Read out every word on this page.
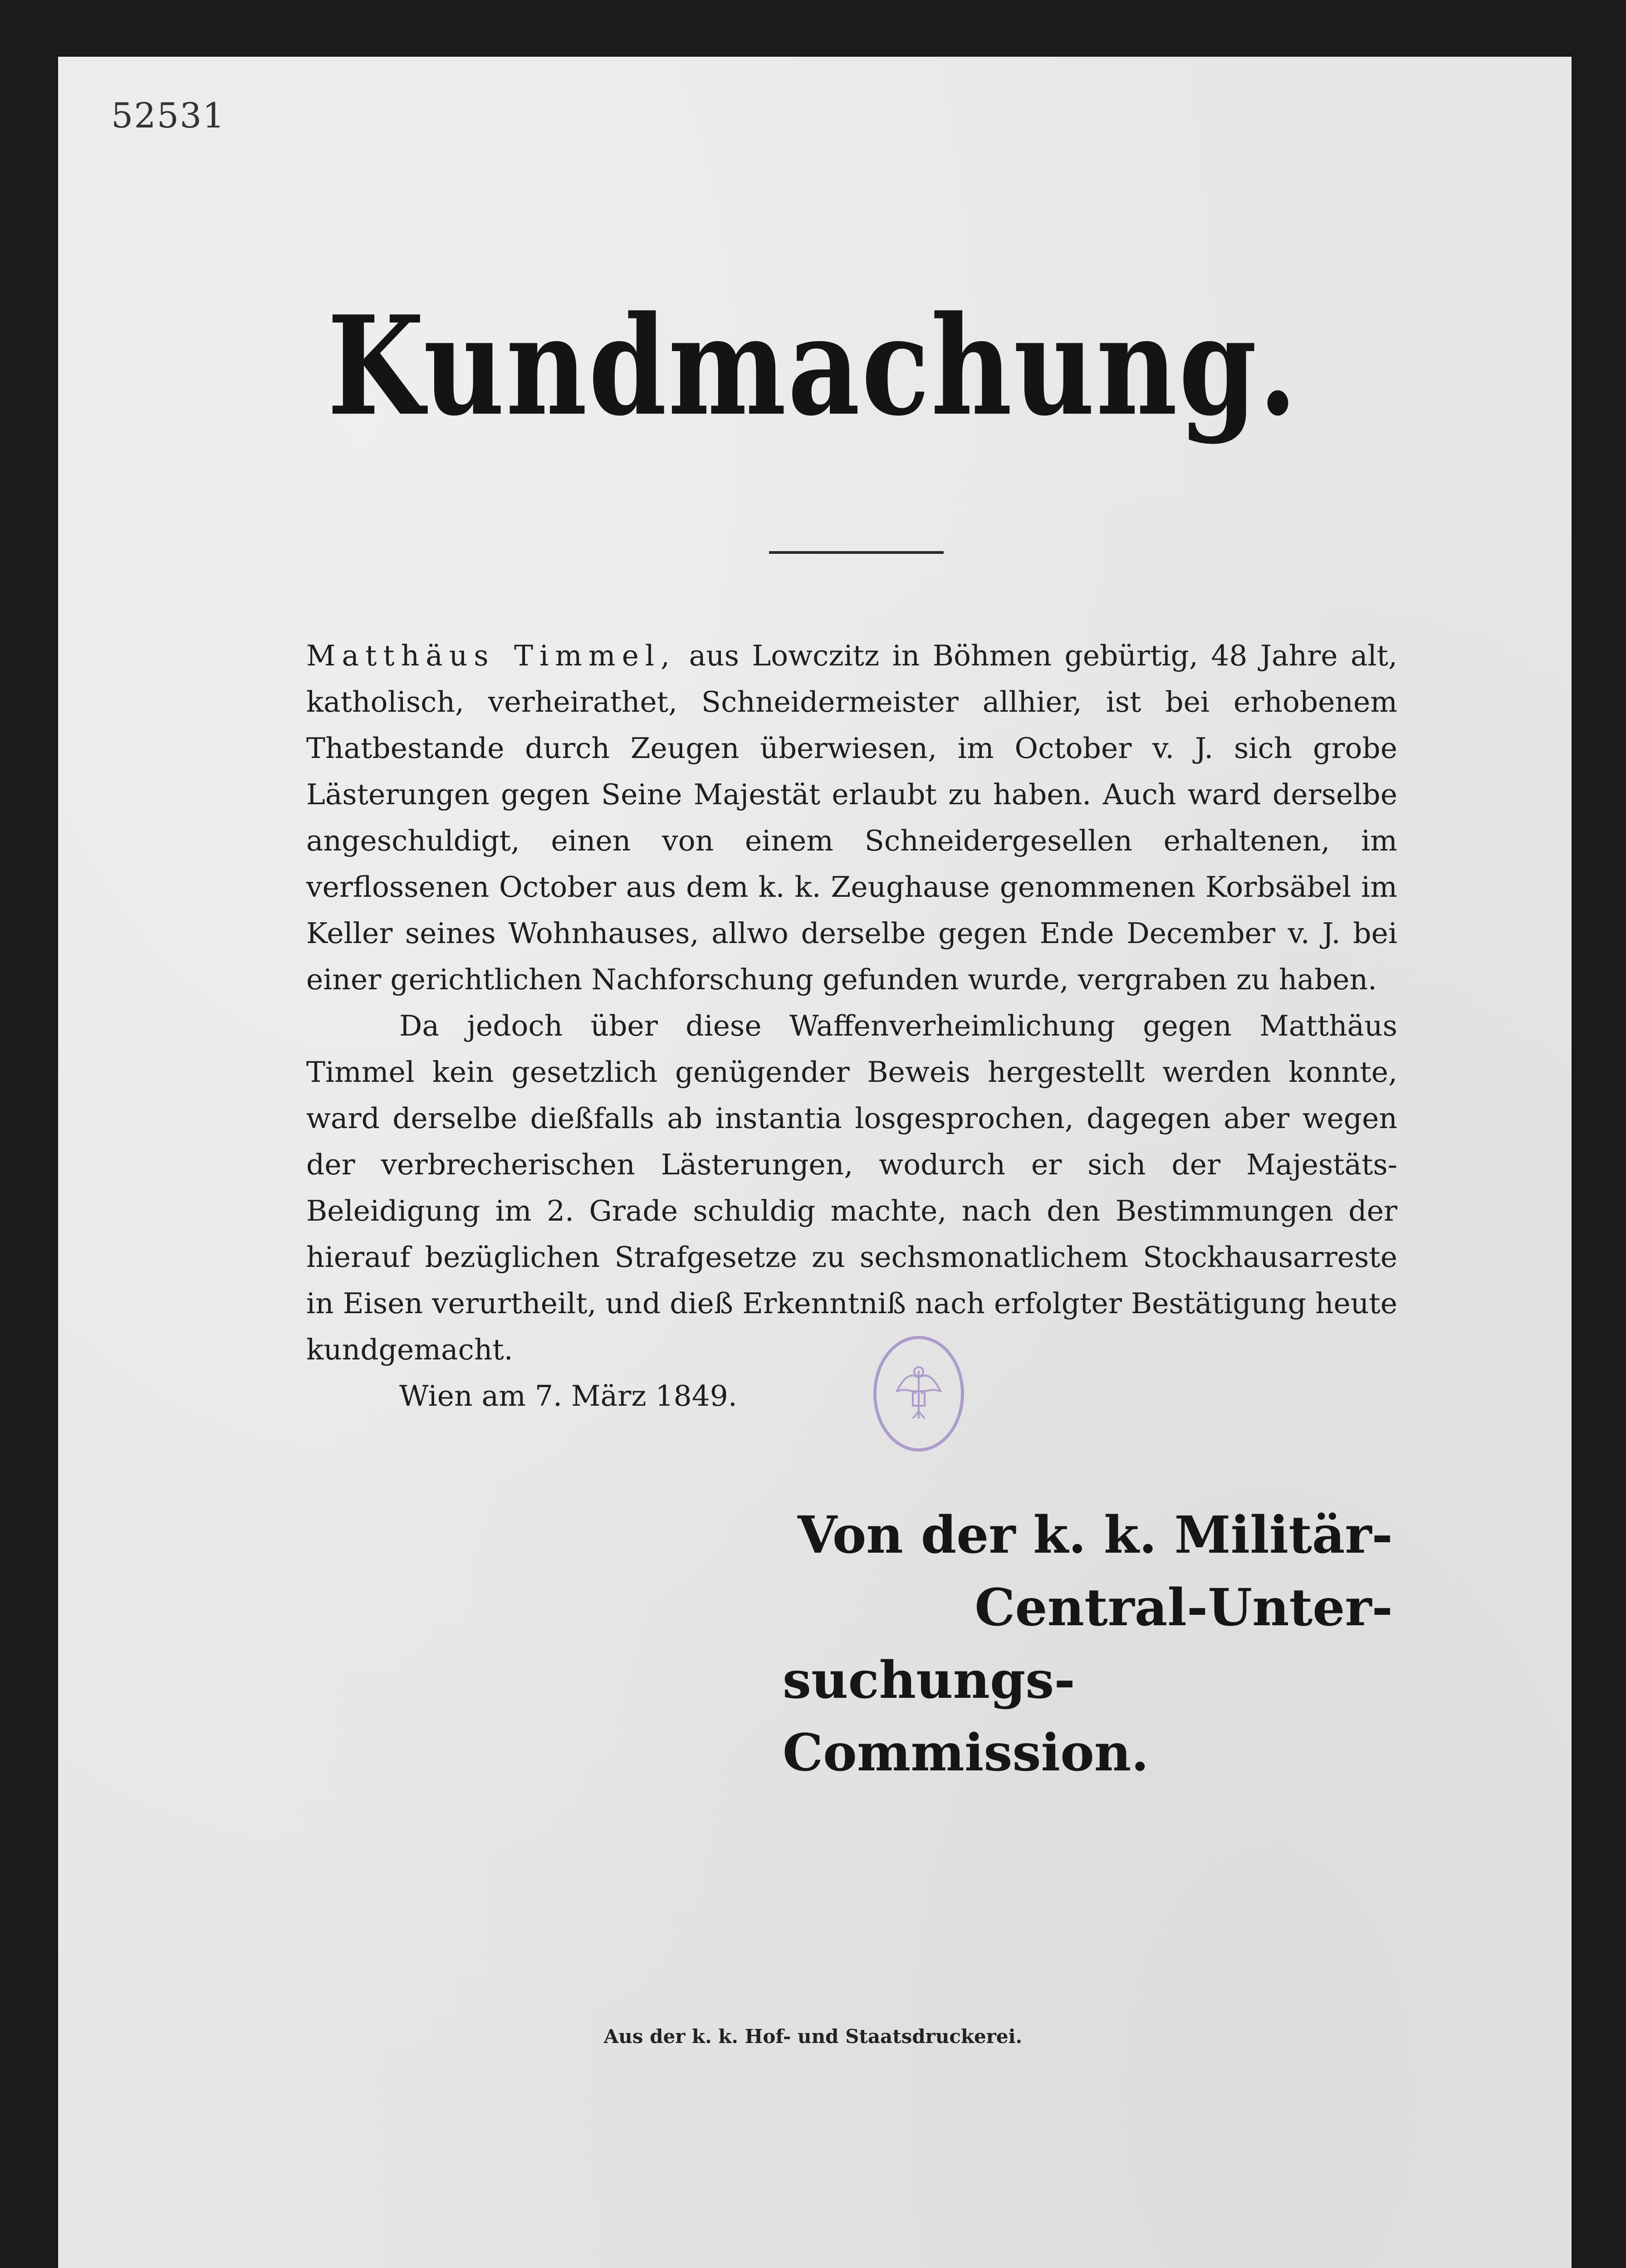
52531
Kundmachung.

Matthäus Timmel, aus Lowczitz in Böhmen gebürtig, 48 Jahre alt, katholisch, verheirathet, Schneidermeister allhier, ist bei erhobenem Thatbestande durch Zeugen überwiesen, im October v. J. sich grobe Lästerungen gegen Seine Majestät erlaubt zu haben. Auch ward derselbe angeschuldigt, einen von einem Schneidergesellen erhaltenen, im verflossenen October aus dem k. k. Zeughause genommenen Korbsäbel im Keller seines Wohnhauses, allwo derselbe gegen Ende December v. J. bei einer gerichtlichen Nachforschung gefunden wurde, vergraben zu haben.

Da jedoch über diese Waffenverheimlichung gegen Matthäus Timmel kein gesetzlich genügender Beweis hergestellt werden konnte, ward derselbe dießfalls ab instantia losgesprochen, dagegen aber wegen der verbrecherischen Lästerungen, wodurch er sich der Majestäts-Beleidigung im 2. Grade schuldig machte, nach den Bestimmungen der hierauf bezüglichen Strafgesetze zu sechsmonatlichem Stockhausarreste in Eisen verurtheilt, und dieß Erkenntniß nach erfolgter Bestätigung heute kundgemacht.

Wien am 7. März 1849.

Von der k. k. Militär-Central-Unter-
suchungs-Commission.
Aus der k. k. Hof- und Staatsdruckerei.
